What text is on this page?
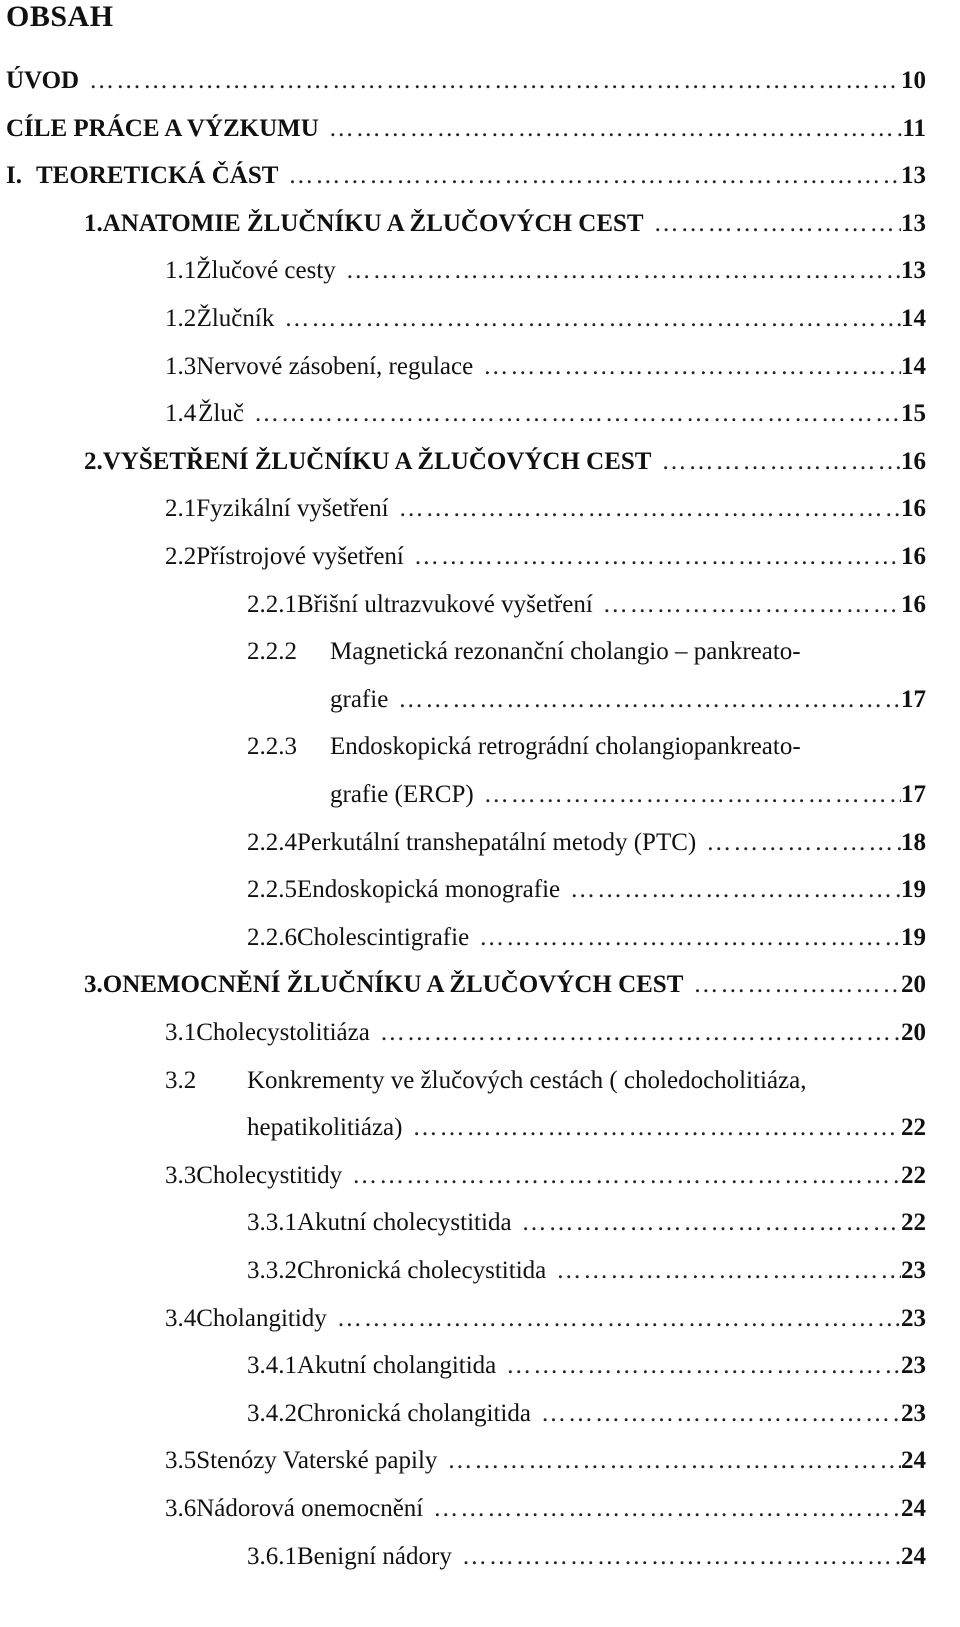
OBSAH
ÚVOD …………………………………………………………………………………………………………………………………………………………	10
CÍLE PRÁCE A VÝZKUMU …………………………………………………………………………………………………………………………………………………………	11
I. TEORETICKÁ ČÁST …………………………………………………………………………………………………………………………………………………………	13
1. ANATOMIE ŽLUČNÍKU A ŽLUČOVÝCH CEST …………………………………………………………………………………………………………………………………………………………	13
1.1 Žlučové cesty …………………………………………………………………………………………………………………………………………………………	13
1.2 Žlučník …………………………………………………………………………………………………………………………………………………………	14
1.3 Nervové zásobení, regulace …………………………………………………………………………………………………………………………………………………………	14
1.4 Žluč …………………………………………………………………………………………………………………………………………………………	15
2. VYŠETŘENÍ ŽLUČNÍKU A ŽLUČOVÝCH CEST …………………………………………………………………………………………………………………………………………………………	16
2.1 Fyzikální vyšetření …………………………………………………………………………………………………………………………………………………………	16
2.2 Přístrojové vyšetření …………………………………………………………………………………………………………………………………………………………	16
2.2.1 Břišní ultrazvukové vyšetření …………………………………………………………………………………………………………………………………………………………	16
2.2.2	Magnetická rezonanční cholangio – pankreato-
grafie …………………………………………………………………………………………………………………………………………………………	17
2.2.3	Endoskopická retrográdní cholangiopankreato-
grafie (ERCP) …………………………………………………………………………………………………………………………………………………………	17
2.2.4 Perkutální transhepatální metody (PTC) …………………………………………………………………………………………………………………………………………………………	18
2.2.5 Endoskopická monografie …………………………………………………………………………………………………………………………………………………………	19
2.2.6 Cholescintigrafie …………………………………………………………………………………………………………………………………………………………	19
3. ONEMOCNĚNÍ ŽLUČNÍKU A ŽLUČOVÝCH CEST …………………………………………………………………………………………………………………………………………………………	20
3.1 Cholecystolitiáza …………………………………………………………………………………………………………………………………………………………	20
3.2	Konkrementy ve žlučových cestách ( choledocholitiáza,
hepatikolitiáza) …………………………………………………………………………………………………………………………………………………………	22
3.3 Cholecystitidy …………………………………………………………………………………………………………………………………………………………	22
3.3.1 Akutní cholecystitida …………………………………………………………………………………………………………………………………………………………	22
3.3.2 Chronická cholecystitida …………………………………………………………………………………………………………………………………………………………	23
3.4 Cholangitidy …………………………………………………………………………………………………………………………………………………………	23
3.4.1 Akutní cholangitida …………………………………………………………………………………………………………………………………………………………	23
3.4.2 Chronická cholangitida …………………………………………………………………………………………………………………………………………………………	23
3.5 Stenózy Vaterské papily …………………………………………………………………………………………………………………………………………………………	24
3.6 Nádorová onemocnění …………………………………………………………………………………………………………………………………………………………	24
3.6.1 Benigní nádory …………………………………………………………………………………………………………………………………………………………	24
